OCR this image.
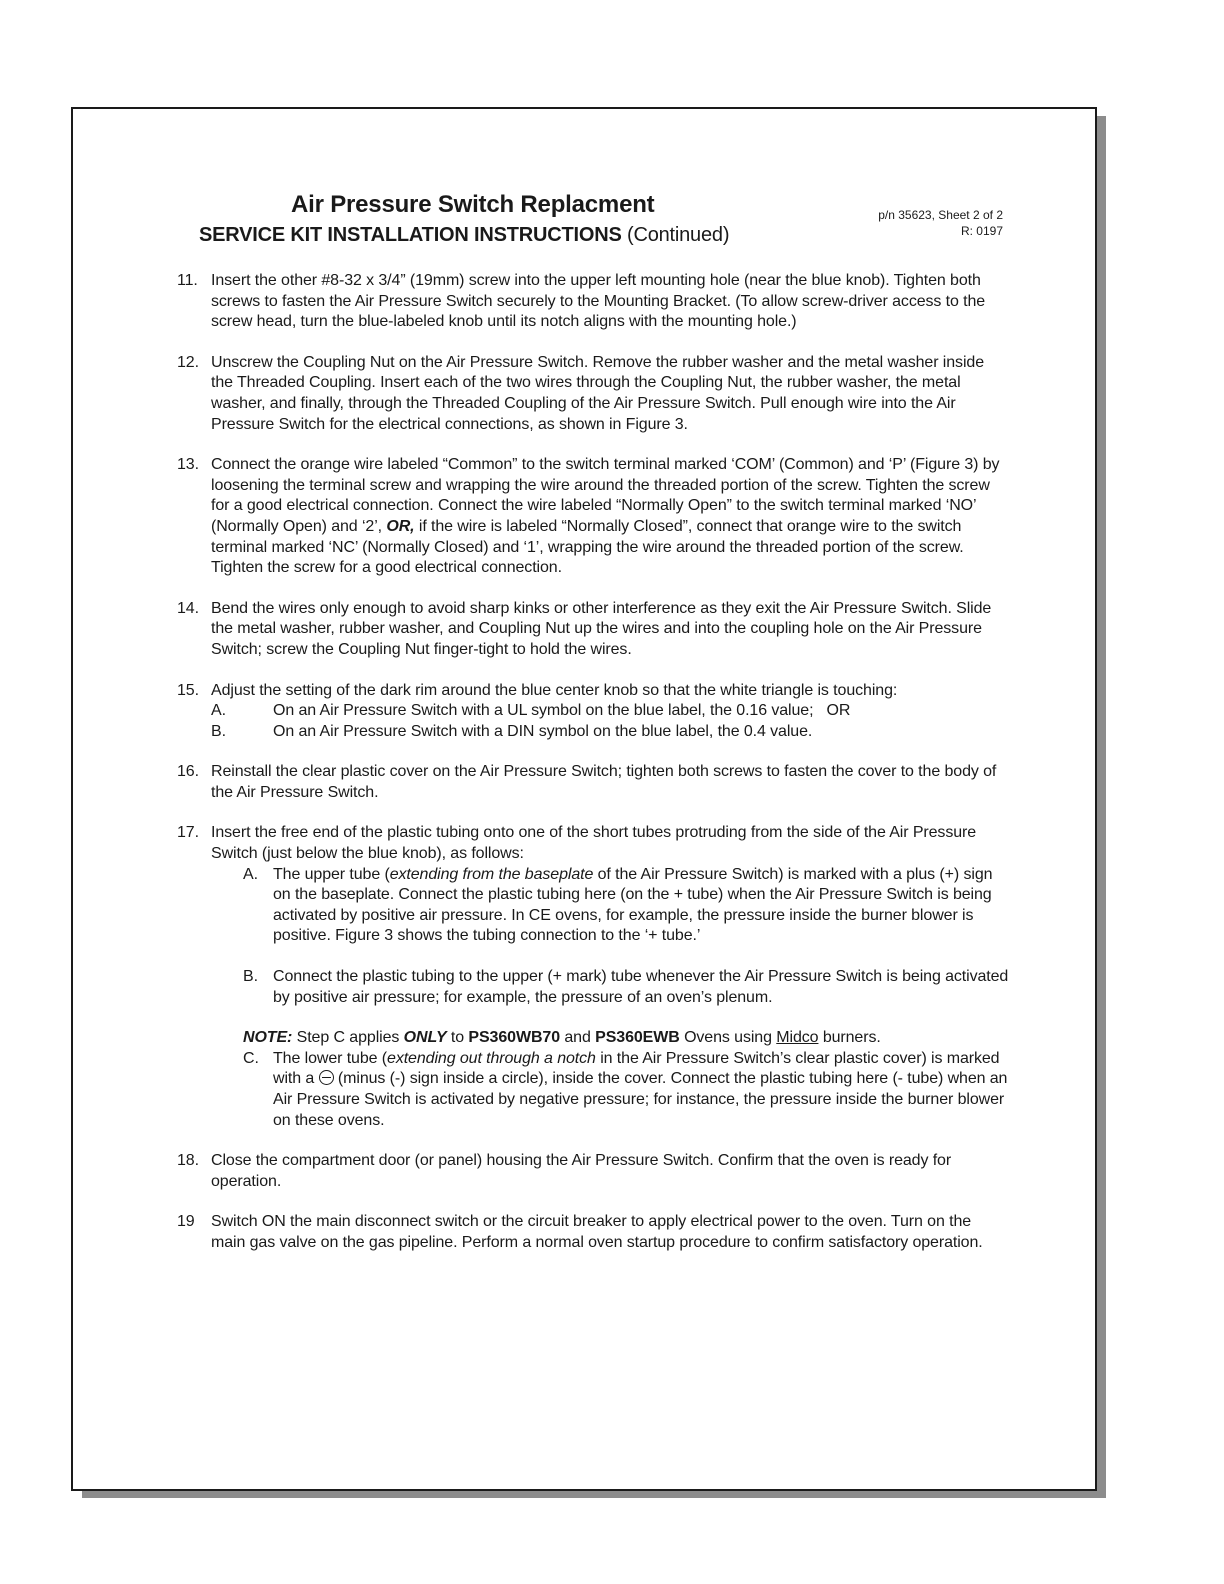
Air Pressure Switch Replacment

SERVICE KIT INSTALLATION INSTRUCTIONS (Continued)

p/n 35623, Sheet 2 of 2
R: 0197
11. Insert the other #8-32 x 3/4” (19mm) screw into the upper left mounting hole (near the blue knob). Tighten both screws to fasten the Air Pressure Switch securely to the Mounting Bracket. (To allow screw-driver access to the screw head, turn the blue-labeled knob until its notch aligns with the mounting hole.)
12. Unscrew the Coupling Nut on the Air Pressure Switch. Remove the rubber washer and the metal washer inside the Threaded Coupling. Insert each of the two wires through the Coupling Nut, the rubber washer, the metal washer, and finally, through the Threaded Coupling of the Air Pressure Switch. Pull enough wire into the Air Pressure Switch for the electrical connections, as shown in Figure 3.
13. Connect the orange wire labeled “Common” to the switch terminal marked ‘COM’ (Common) and ‘P’ (Figure 3) by loosening the terminal screw and wrapping the wire around the threaded portion of the screw. Tighten the screw for a good electrical connection. Connect the wire labeled “Normally Open” to the switch terminal marked ‘NO’ (Normally Open) and ‘2’, OR, if the wire is labeled “Normally Closed”, connect that orange wire to the switch terminal marked ‘NC’ (Normally Closed) and ‘1’, wrapping the wire around the threaded portion of the screw. Tighten the screw for a good electrical connection.
14. Bend the wires only enough to avoid sharp kinks or other interference as they exit the Air Pressure Switch. Slide the metal washer, rubber washer, and Coupling Nut up the wires and into the coupling hole on the Air Pressure Switch; screw the Coupling Nut finger-tight to hold the wires.
15. Adjust the setting of the dark rim around the blue center knob so that the white triangle is touching:
A.	On an Air Pressure Switch with a UL symbol on the blue label, the 0.16 value;   OR
B.	On an Air Pressure Switch with a DIN symbol on the blue label, the 0.4 value.
16. Reinstall the clear plastic cover on the Air Pressure Switch; tighten both screws to fasten the cover to the body of the Air Pressure Switch.
17. Insert the free end of the plastic tubing onto one of the short tubes protruding from the side of the Air Pressure Switch (just below the blue knob), as follows:
A. The upper tube (extending from the baseplate of the Air Pressure Switch) is marked with a plus (+) sign on the baseplate. Connect the plastic tubing here (on the + tube) when the Air Pressure Switch is being activated by positive air pressure. In CE ovens, for example, the pressure inside the burner blower is positive. Figure 3 shows the tubing connection to the ‘+ tube.’
B. Connect the plastic tubing to the upper (+ mark) tube whenever the Air Pressure Switch is being activated by positive air pressure; for example, the pressure of an oven’s plenum.
NOTE: Step C applies ONLY to PS360WB70 and PS360EWB Ovens using Midco burners.
C. The lower tube (extending out through a notch in the Air Pressure Switch’s clear plastic cover) is marked with a (minus (-) sign inside a circle), inside the cover. Connect the plastic tubing here (- tube) when an Air Pressure Switch is activated by negative pressure; for instance, the pressure inside the burner blower on these ovens.
18. Close the compartment door (or panel) housing the Air Pressure Switch. Confirm that the oven is ready for operation.
19 Switch ON the main disconnect switch or the circuit breaker to apply electrical power to the oven. Turn on the main gas valve on the gas pipeline. Perform a normal oven startup procedure to confirm satisfactory operation.
